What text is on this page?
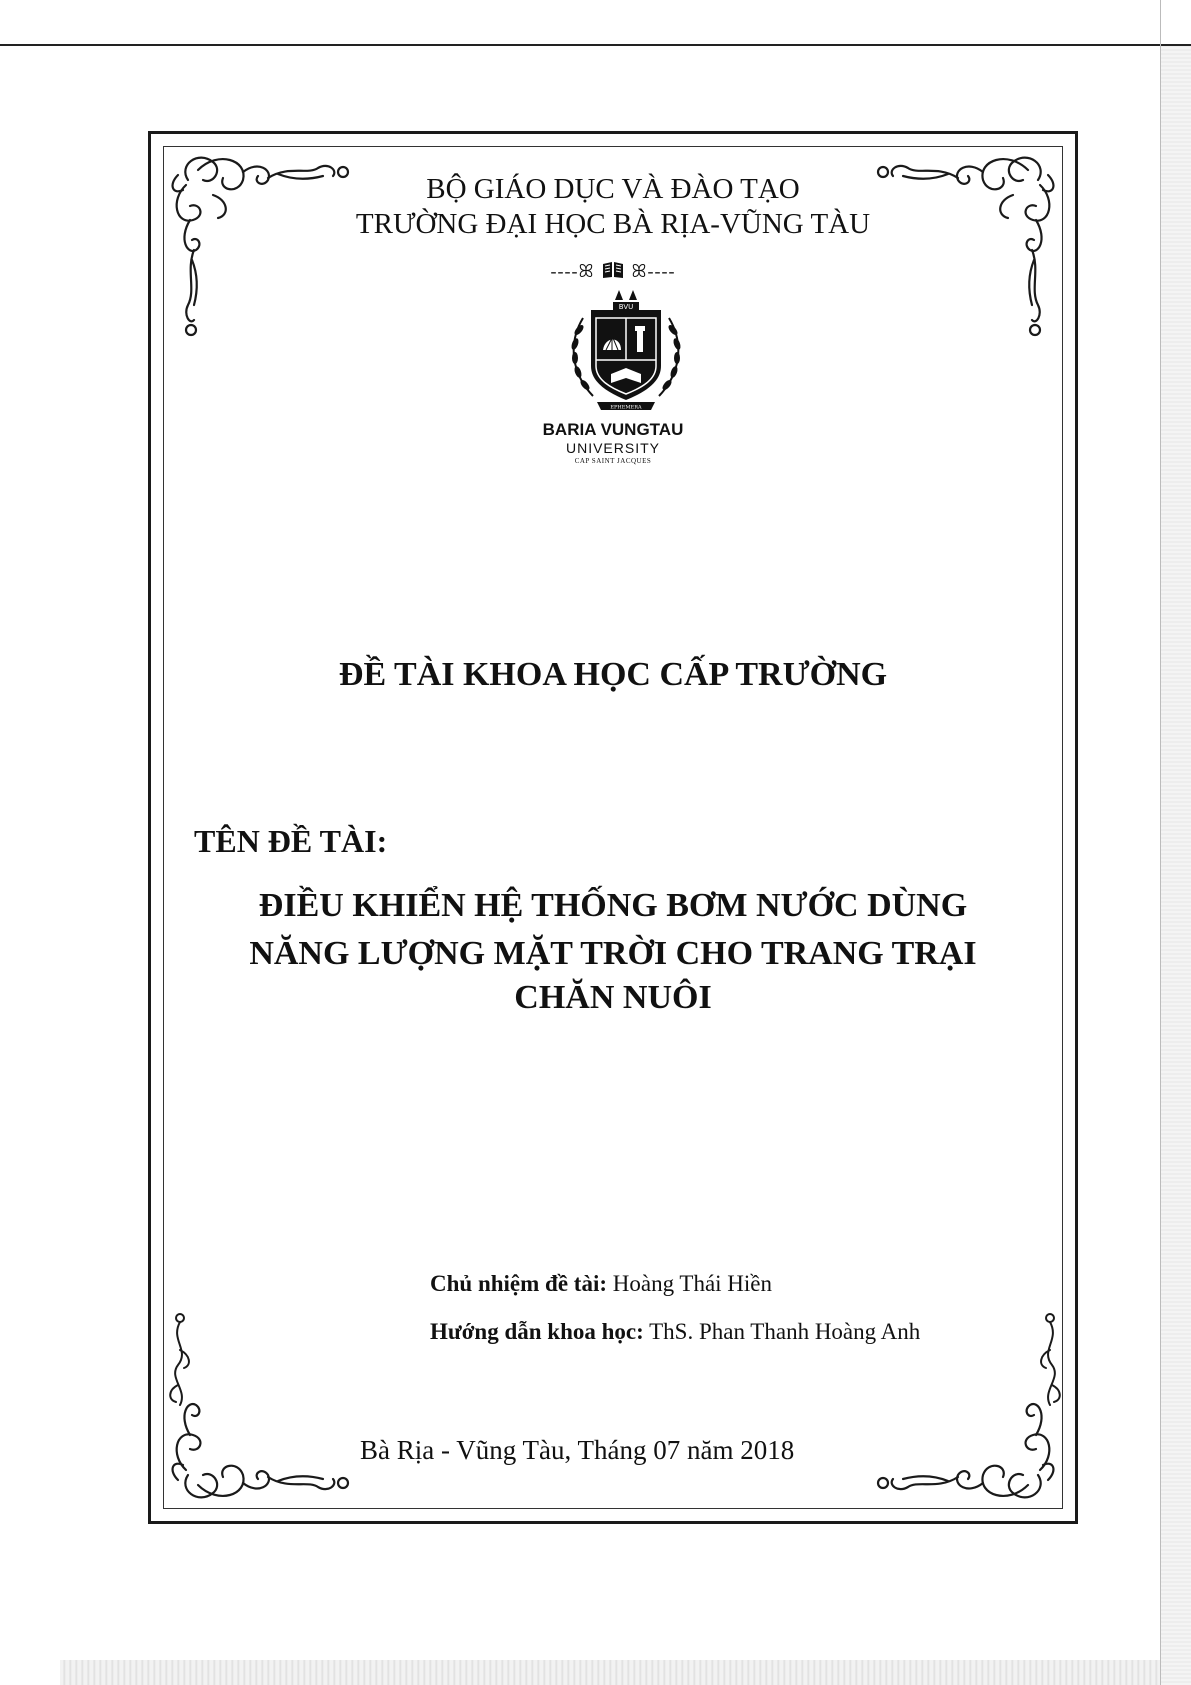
BỘ GIÁO DỤC VÀ ĐÀO TẠO
TRƯỜNG ĐẠI HỌC BÀ RỊA-VŨNG TÀU
----ꕤ ꕤ----
BVU
EPHEMERA
BARIA VUNGTAU
UNIVERSITY
CAP SAINT JACQUES
ĐỀ TÀI KHOA HỌC CẤP TRƯỜNG
TÊN ĐỀ TÀI:
ĐIỀU KHIỂN HỆ THỐNG BƠM NƯỚC DÙNG
NĂNG LƯỢNG MẶT TRỜI CHO TRANG TRẠI
CHĂN NUÔI
Chủ nhiệm đề tài: Hoàng Thái Hiền
Hướng dẫn khoa học: ThS. Phan Thanh Hoàng Anh
Bà Rịa - Vũng Tàu, Tháng 07 năm 2018
